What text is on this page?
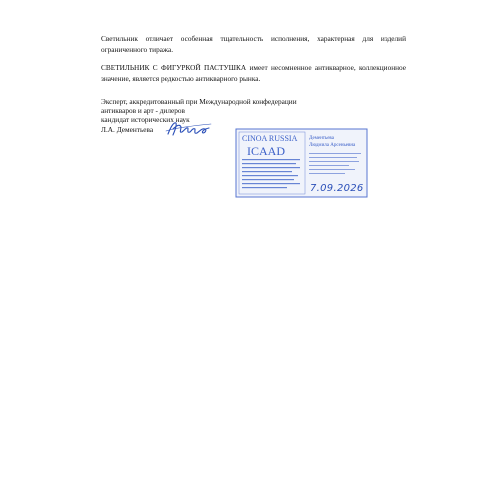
Светильник отличает особенная тщательность исполнения, характерная для изделий ограниченного тиража.

СВЕТИЛЬНИК С ФИГУРКОЙ ПАСТУШКА имеет несомненное антикварное, коллекционное значение, является редкостью антикварного рынка.

Эксперт, аккредитованный при Международной конфедерации
антикваров и арт - дилеров
кандидат исторических наук
Л.А. Дементьева
CINOA RUSSIA
ICAAD
Дементьева
Людмила Арсеньевна
7.09.2026
